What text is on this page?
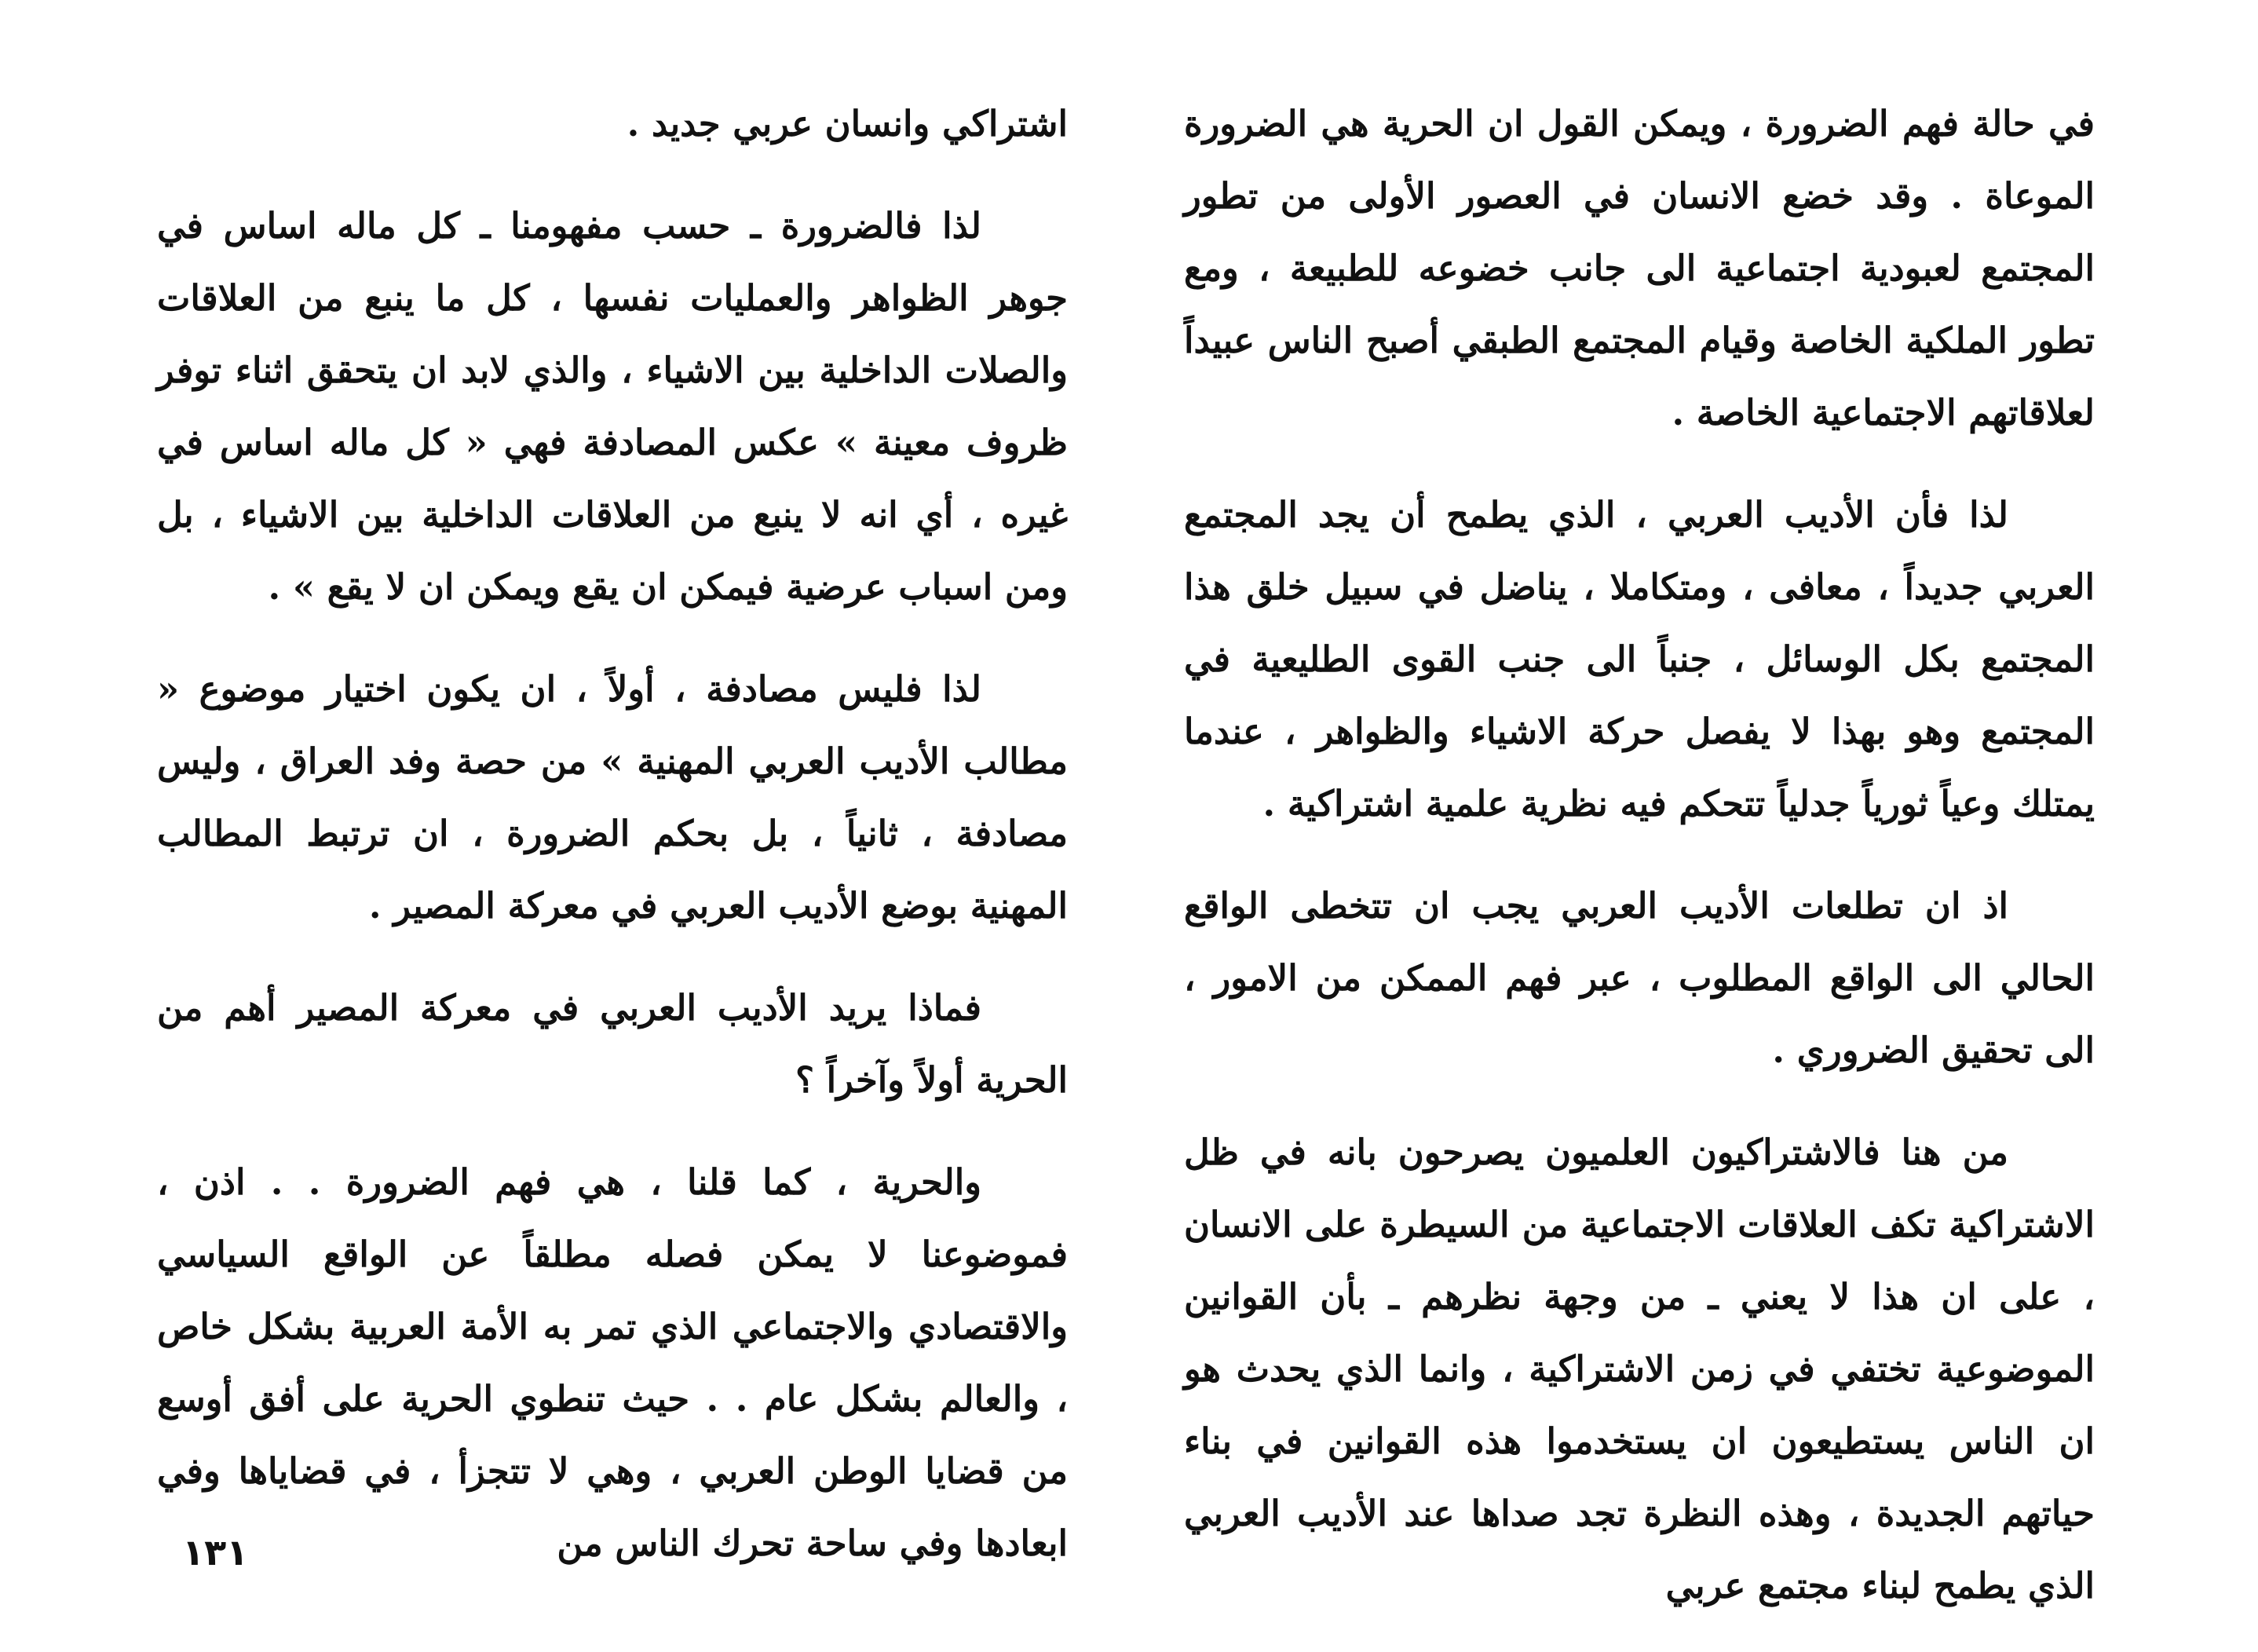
في حالة فهم الضرورة ، ويمكن القول ان الحرية هي الضرورة الموعاة . وقد خضع الانسان في العصور الأولى من تطور المجتمع لعبودية اجتماعية الى جانب خضوعه للطبيعة ، ومع تطور الملكية الخاصة وقيام المجتمع الطبقي أصبح الناس عبيداً لعلاقاتهم الاجتماعية الخاصة .

لذا فأن الأديب العربي ، الذي يطمح أن يجد المجتمع العربي جديداً ، معافى ، ومتكاملا ، يناضل في سبيل خلق هذا المجتمع بكل الوسائل ، جنباً الى جنب القوى الطليعية في المجتمع وهو بهذا لا يفصل حركة الاشياء والظواهر ، عندما يمتلك وعياً ثورياً جدلياً تتحكم فيه نظرية علمية اشتراكية .

اذ ان تطلعات الأديب العربي يجب ان تتخطى الواقع الحالي الى الواقع المطلوب ، عبر فهم الممكن من الامور ، الى تحقيق الضروري .

من هنا فالاشتراكيون العلميون يصرحون بانه في ظل الاشتراكية تكف العلاقات الاجتماعية من السيطرة على الانسان ، على ان هذا لا يعني ـ من وجهة نظرهم ـ بأن القوانين الموضوعية تختفي في زمن الاشتراكية ، وانما الذي يحدث هو ان الناس يستطيعون ان يستخدموا هذه القوانين في بناء حياتهم الجديدة ، وهذه النظرة تجد صداها عند الأديب العربي الذي يطمح لبناء مجتمع عربي

اشتراكي وانسان عربي جديد .

لذا فالضرورة ـ حسب مفهومنا ـ كل ماله اساس في جوهر الظواهر والعمليات نفسها ، كل ما ينبع من العلاقات والصلات الداخلية بين الاشياء ، والذي لابد ان يتحقق اثناء توفر ظروف معينة » عكس المصادفة فهي « كل ماله اساس في غيره ، أي انه لا ينبع من العلاقات الداخلية بين الاشياء ، بل ومن اسباب عرضية فيمكن ان يقع ويمكن ان لا يقع » .

لذا فليس مصادفة ، أولاً ، ان يكون اختيار موضوع « مطالب الأديب العربي المهنية » من حصة وفد العراق ، وليس مصادفة ، ثانياً ، بل بحكم الضرورة ، ان ترتبط المطالب المهنية بوضع الأديب العربي في معركة المصير .

فماذا يريد الأديب العربي في معركة المصير أهم من الحرية أولاً وآخراً ؟

والحرية ، كما قلنا ، هي فهم الضرورة . . اذن ، فموضوعنا لا يمكن فصله مطلقاً عن الواقع السياسي والاقتصادي والاجتماعي الذي تمر به الأمة العربية بشكل خاص ، والعالم بشكل عام . . حيث تنطوي الحرية على أفق أوسع من قضايا الوطن العربي ، وهي لا تتجزأ ، في قضاياها وفي ابعادها وفي ساحة تحرك الناس من

١٣١
